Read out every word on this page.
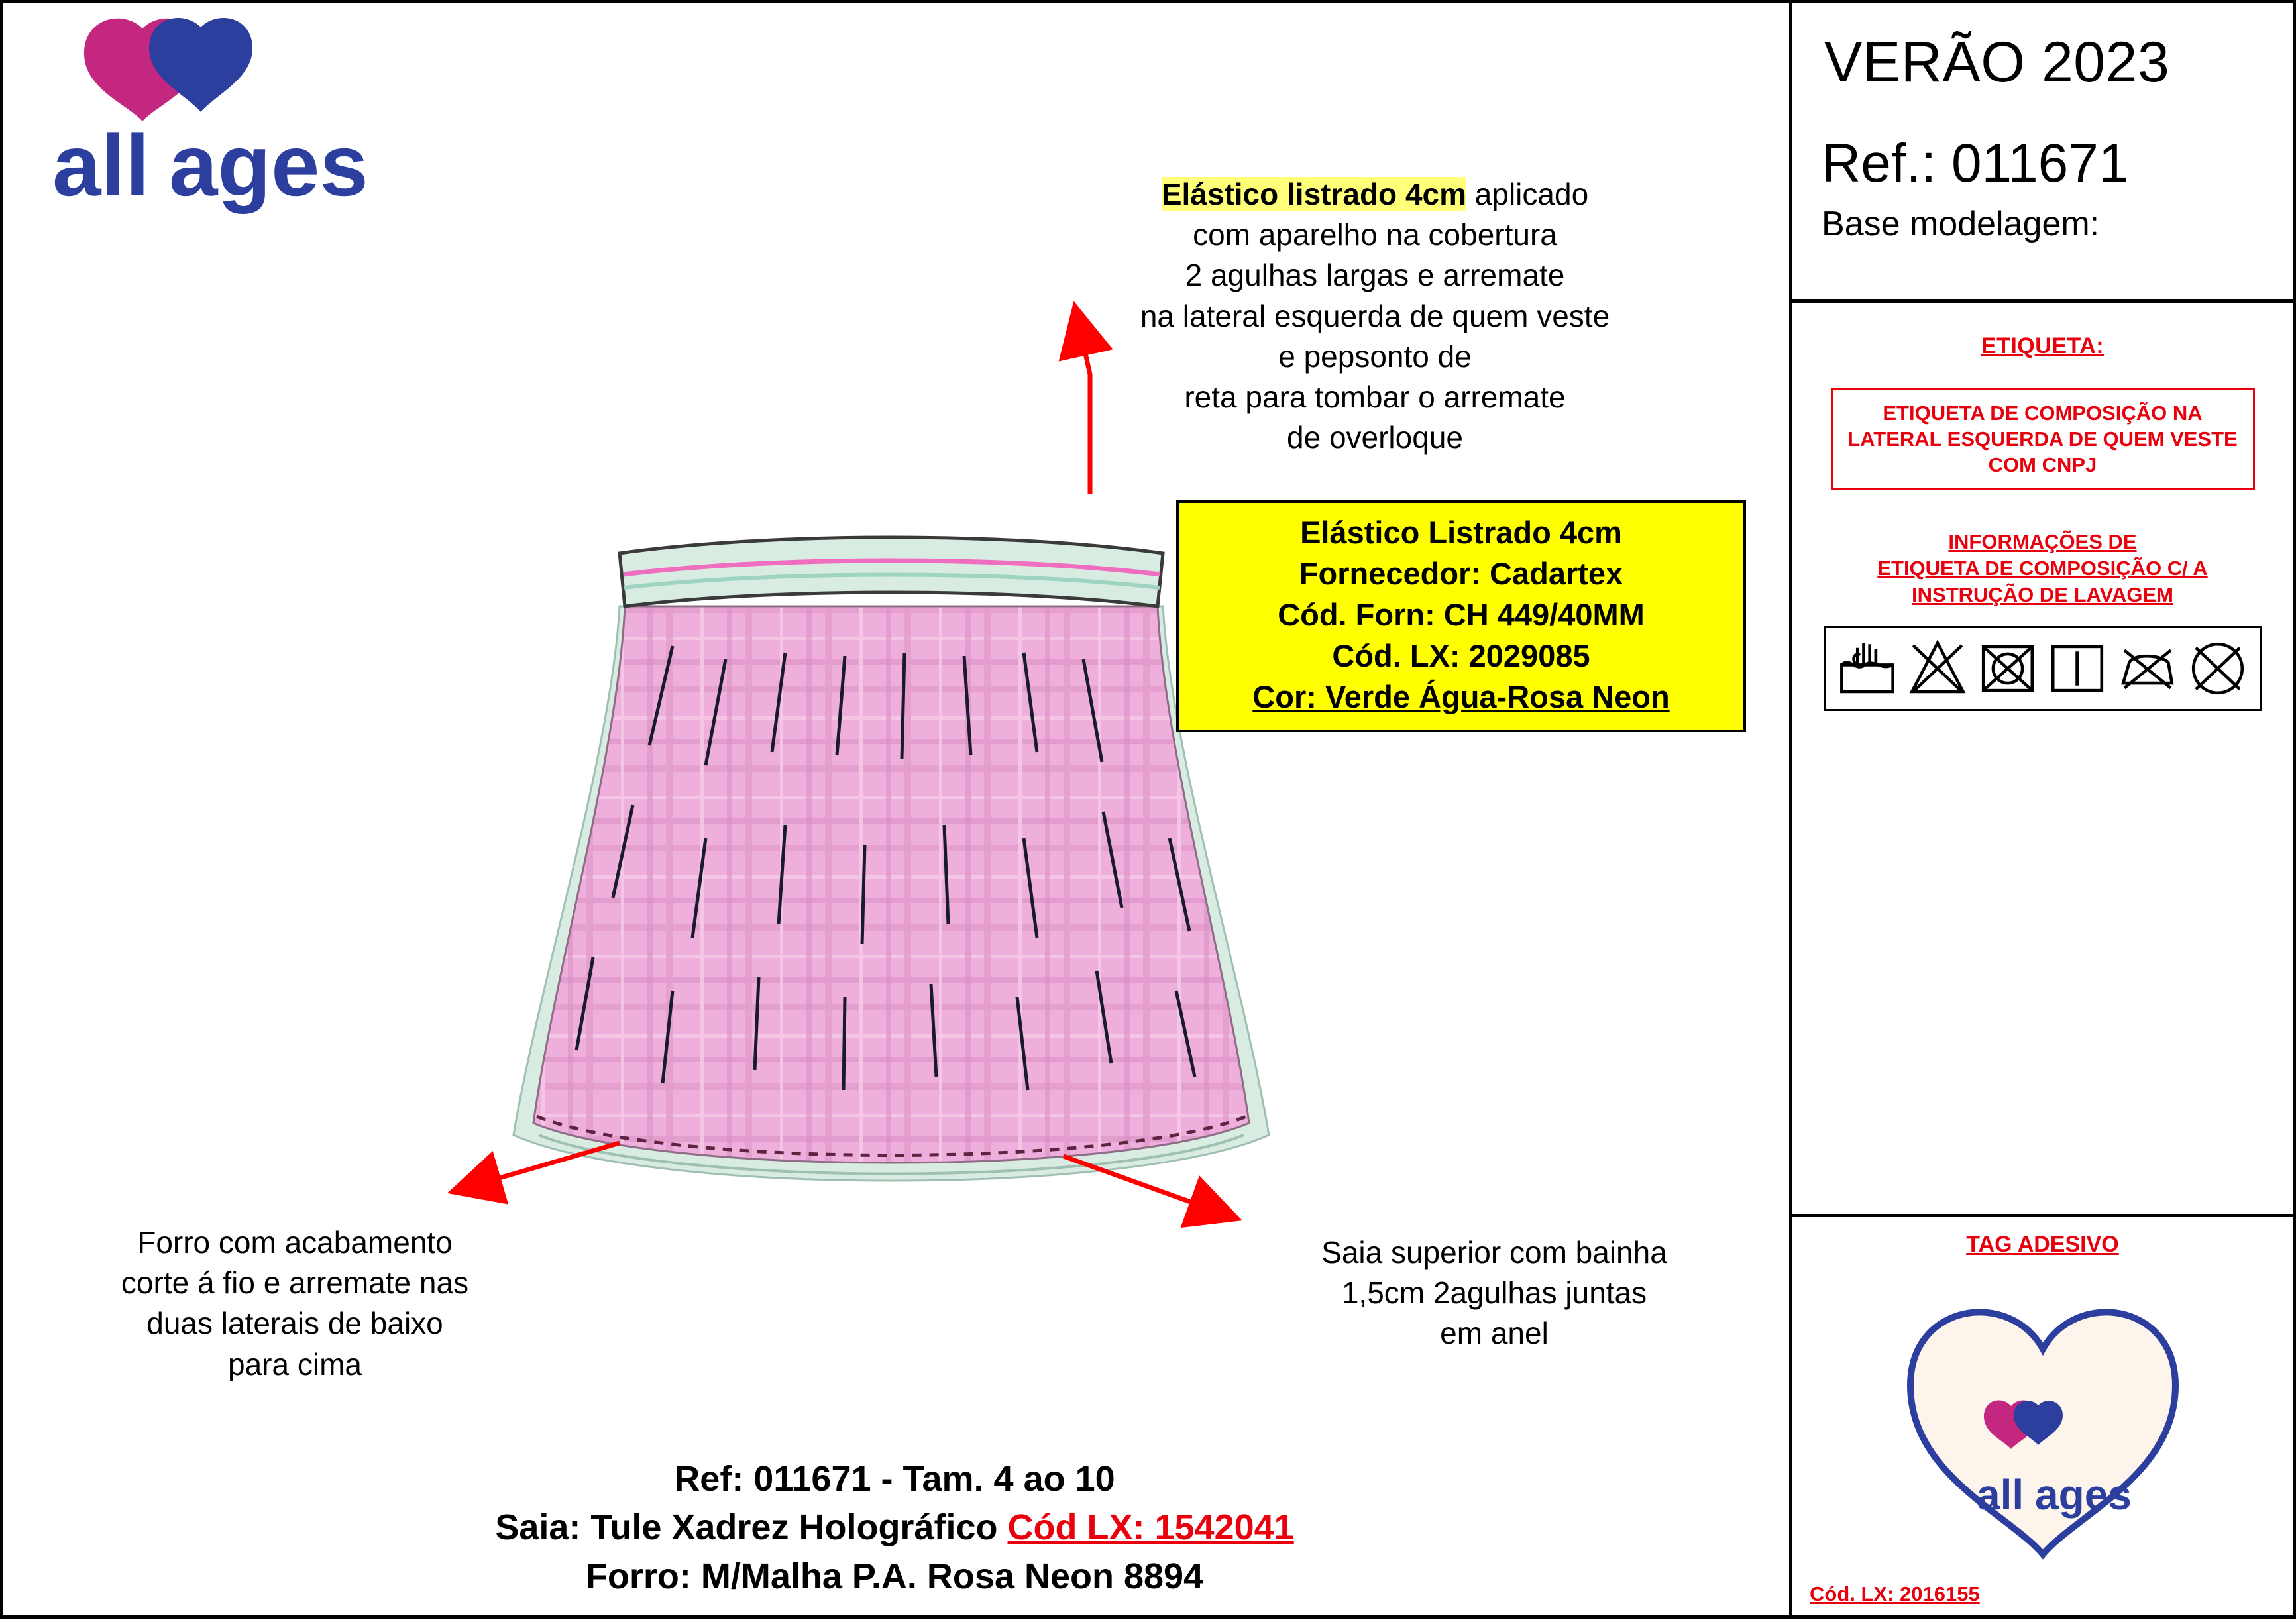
all ages	Elástico listrado 4cm aplicado
com aparelho na cobertura
2 agulhas largas e arremate
na lateral esquerda de quem veste
e pepsonto de
reta para tombar o arremate
de overloque
Elástico Listrado 4cm
Fornecedor: Cadartex
Cód. Forn: CH 449/40MM
Cód. LX: 2029085
Cor: Verde Água-Rosa Neon
Forro com acabamento
corte á fio e arremate nas
duas laterais de baixo
para cima
Saia superior com bainha
1,5cm 2agulhas juntas
em anel
Ref: 011671 - Tam. 4 ao 10
Saia: Tule Xadrez Holográfico Cód LX: 1542041
Forro: M/Malha P.A. Rosa Neon 8894
VERÃO 2023
Ref.: 011671
Base modelagem:
ETIQUETA:
ETIQUETA DE COMPOSIÇÃO NA LATERAL ESQUERDA DE QUEM VESTE COM CNPJ
INFORMAÇÕES DE
ETIQUETA DE COMPOSIÇÃO C/ A
INSTRUÇÃO DE LAVAGEM
TAG ADESIVO
all ages
Cód. LX: 2016155
